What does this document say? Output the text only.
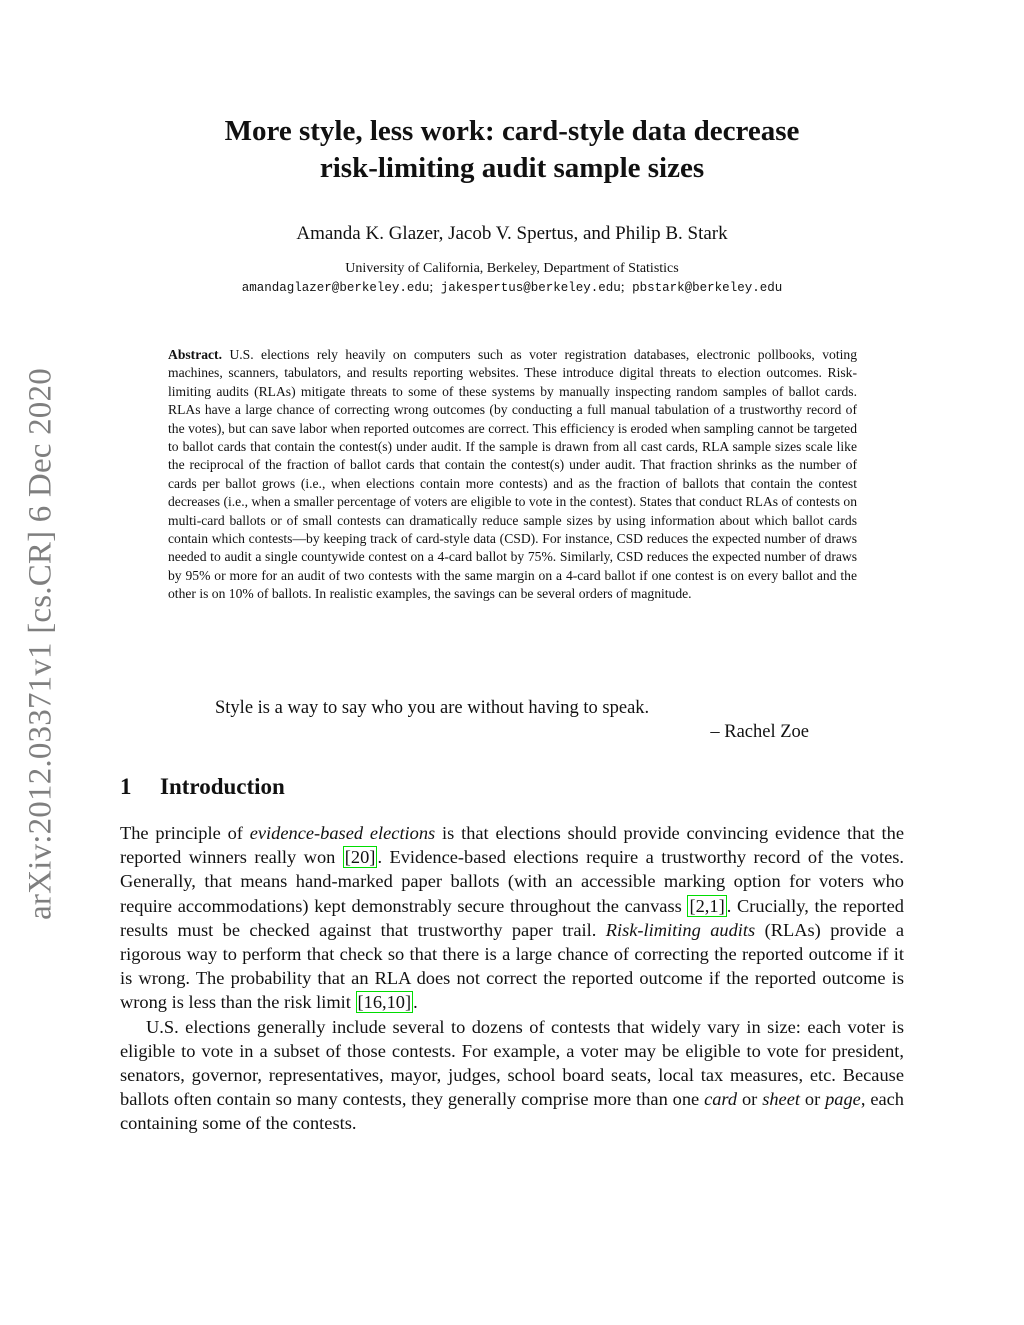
arXiv:2012.03371v1 [cs.CR] 6 Dec 2020
More style, less work: card-style data decrease
risk-limiting audit sample sizes
Amanda K. Glazer, Jacob V. Spertus, and Philip B. Stark
University of California, Berkeley, Department of Statistics
amandaglazer@berkeley.edu; jakespertus@berkeley.edu; pbstark@berkeley.edu

Abstract. U.S. elections rely heavily on computers such as voter registration databases, electronic pollbooks, voting machines, scanners, tabulators, and results reporting websites. These introduce digital threats to election outcomes. Risk-limiting audits (RLAs) mitigate threats to some of these systems by manually inspecting random samples of ballot cards. RLAs have a large chance of correcting wrong outcomes (by conducting a full manual tabulation of a trustworthy record of the votes), but can save labor when reported outcomes are correct. This efficiency is eroded when sampling cannot be targeted to ballot cards that contain the contest(s) under audit. If the sample is drawn from all cast cards, RLA sample sizes scale like the reciprocal of the fraction of ballot cards that contain the contest(s) under audit. That fraction shrinks as the number of cards per ballot grows (i.e., when elections contain more contests) and as the fraction of ballots that contain the contest decreases (i.e., when a smaller percentage of voters are eligible to vote in the contest). States that conduct RLAs of contests on multi-card ballots or of small contests can dramatically reduce sample sizes by using information about which ballot cards contain which contests—by keeping track of card-style data (CSD). For instance, CSD reduces the expected number of draws needed to audit a single countywide contest on a 4-card ballot by 75%. Similarly, CSD reduces the expected number of draws by 95% or more for an audit of two contests with the same margin on a 4-card ballot if one contest is on every ballot and the other is on 10% of ballots. In realistic examples, the savings can be several orders of magnitude.

Style is a way to say who you are without having to speak.
– Rachel Zoe
1 Introduction

The principle of evidence-based elections is that elections should provide convincing evidence that the reported winners really won [20] . Evidence-based elections require a trustworthy record of the votes. Generally, that means hand-marked paper ballots (with an accessible marking option for voters who require accommodations) kept demonstrably secure throughout the canvass [2,1] . Crucially, the reported results must be checked against that trustworthy paper trail. Risk-limiting audits (RLAs) provide a rigorous way to perform that check so that there is a large chance of correcting the reported outcome if it is wrong. The probability that an RLA does not correct the reported outcome if the reported outcome is wrong is less than the risk limit [16,10] .

U.S. elections generally include several to dozens of contests that widely vary in size: each voter is eligible to vote in a subset of those contests. For example, a voter may be eligible to vote for president, senators, governor, representatives, mayor, judges, school board seats, local tax measures, etc. Because ballots often contain so many contests, they generally comprise more than one card or sheet or page, each containing some of the contests.
